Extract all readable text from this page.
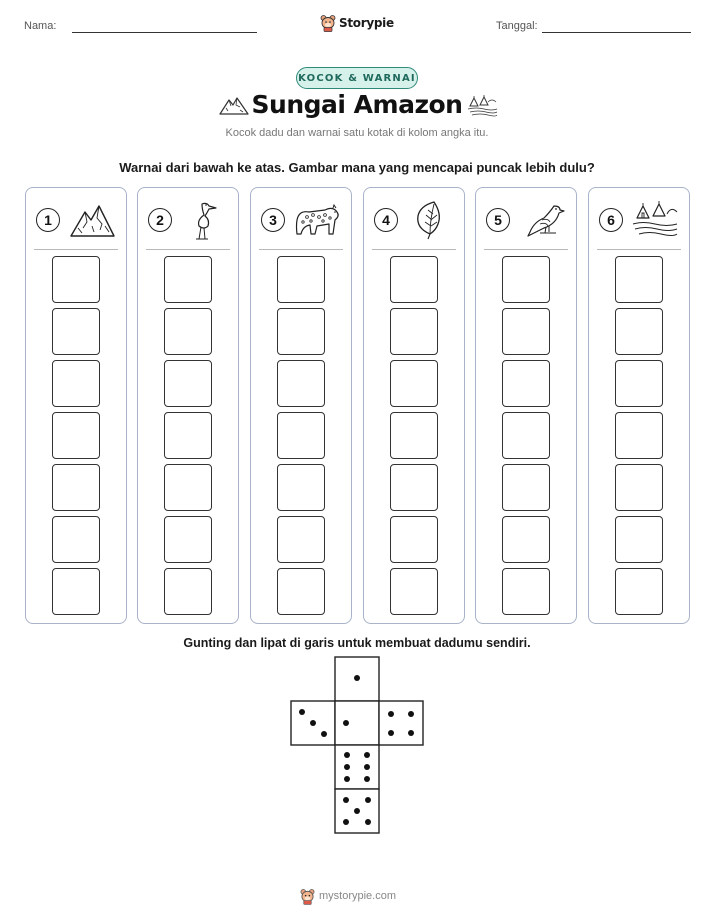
Nama:	Tanggal:
Storypie
KOCOK & WARNAI
Sungai Amazon
Kocok dadu dan warnai satu kotak di kolom angka itu.
Warnai dari bawah ke atas. Gambar mana yang mencapai puncak lebih dulu?
1	2	3	4	5	6
Gunting dan lipat di garis untuk membuat dadumu sendiri.
mystorypie.com
